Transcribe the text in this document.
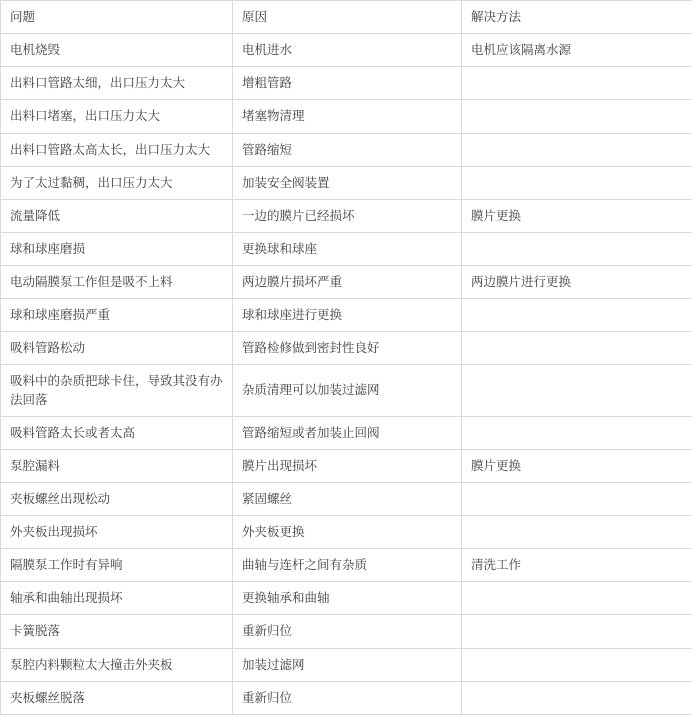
问题	原因	解决方法
电机烧毁	电机进水	电机应该隔离水源
出料口管路太细，出口压力太大	增粗管路	
出料口堵塞，出口压力太大	堵塞物清理	
出料口管路太高太长，出口压力太大	管路缩短	
为了太过黏稠，出口压力太大	加装安全阀装置	
流量降低	一边的膜片已经损坏	膜片更换
球和球座磨损	更换球和球座	
电动隔膜泵工作但是吸不上料	两边膜片损坏严重	两边膜片进行更换
球和球座磨损严重	球和球座进行更换	
吸料管路松动	管路检修做到密封性良好	
吸料中的杂质把球卡住，导致其没有办法回落	杂质清理可以加装过滤网	
吸料管路太长或者太高	管路缩短或者加装止回阀	
泵腔漏料	膜片出现损坏	膜片更换
夹板螺丝出现松动	紧固螺丝	
外夹板出现损坏	外夹板更换	
隔膜泵工作时有异响	曲轴与连杆之间有杂质	清洗工作
轴承和曲轴出现损坏	更换轴承和曲轴	
卡簧脱落	重新归位	
泵腔内料颗粒太大撞击外夹板	加装过滤网	
夹板螺丝脱落	重新归位	
